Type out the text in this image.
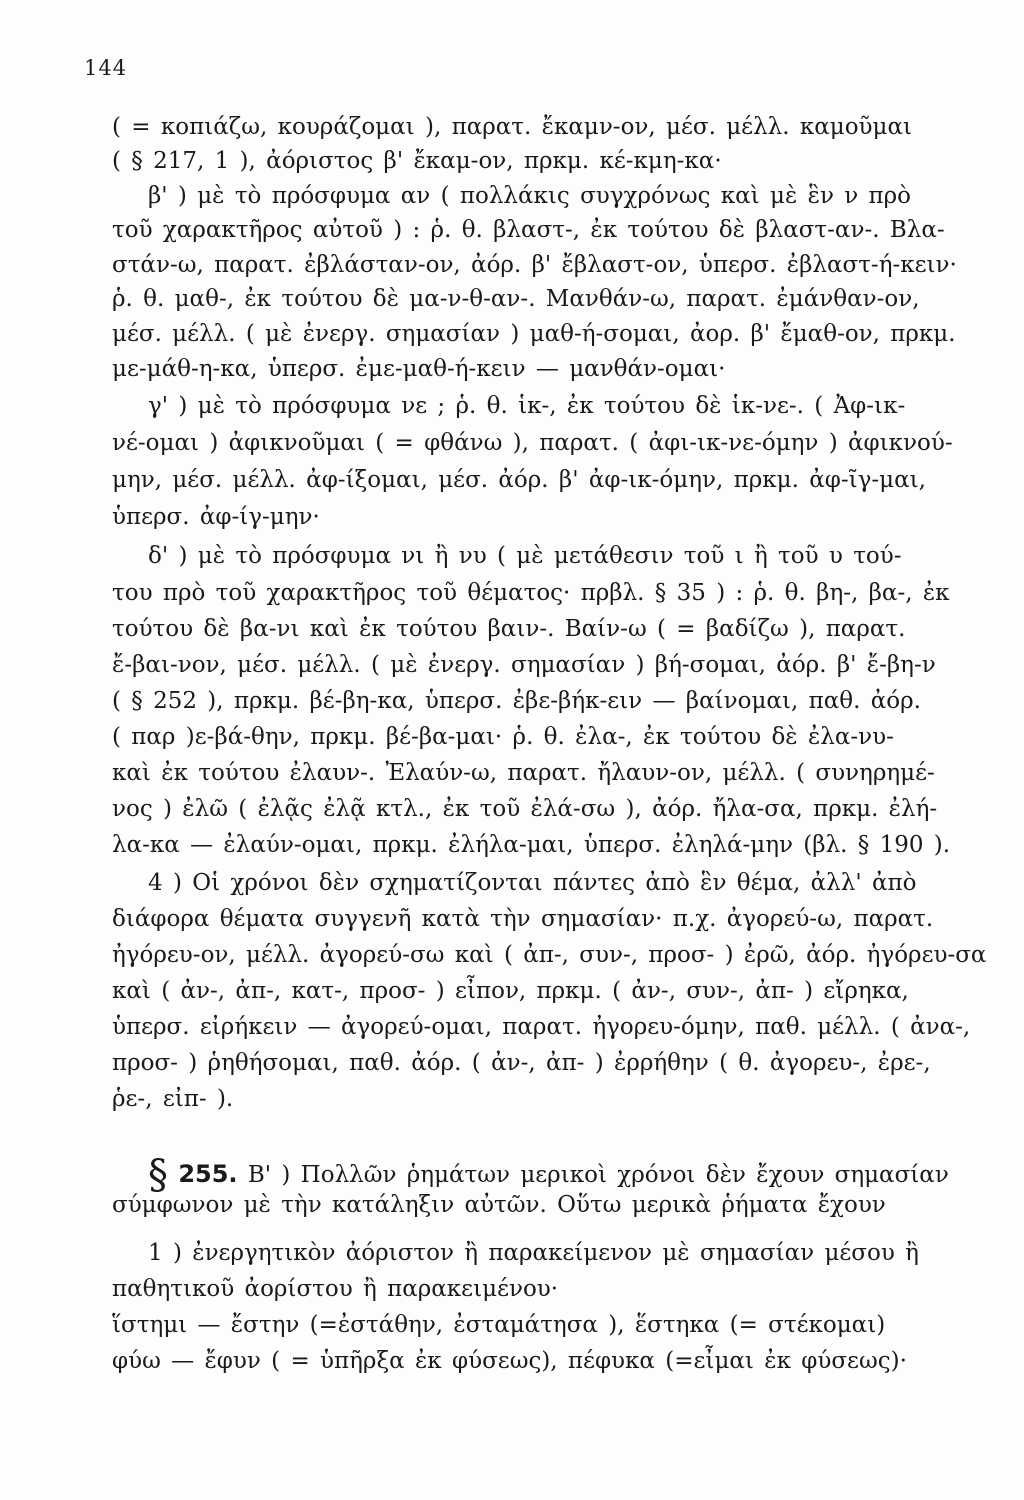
144
( = κοπιάζω, κουράζομαι ), παρατ. ἔκαμν-ον, μέσ. μέλλ. καμοῦμαι
( § 217, 1 ), ἀόριστος β' ἔκαμ-ον, πρκμ. κέ-κμη-κα·
β' ) μὲ τὸ πρόσφυμα αν ( πολλάκις συγχρόνως καὶ μὲ ἓν ν πρὸ
τοῦ χαρακτῆρος αὐτοῦ ) : ῥ. θ. βλαστ-, ἐκ τούτου δὲ βλαστ-αν-. Βλα-
στάν-ω, παρατ. ἐβλάσταν-ον, ἀόρ. β' ἔβλαστ-ον, ὑπερσ. ἐβλαστ-ή-κειν·
ῥ. θ. μαθ-, ἐκ τούτου δὲ μα-ν-θ-αν-. Μανθάν-ω, παρατ. ἐμάνθαν-ον,
μέσ. μέλλ. ( μὲ ἐνεργ. σημασίαν ) μαθ-ή-σομαι, ἀορ. β' ἔμαθ-ον, πρκμ.
με-μάθ-η-κα, ὑπερσ. ἐμε-μαθ-ή-κειν — μανθάν-ομαι·
γ' ) μὲ τὸ πρόσφυμα νε ; ῥ. θ. ἱκ-, ἐκ τούτου δὲ ἱκ-νε-. ( Ἀφ-ικ-
νέ-ομαι ) ἀφικνοῦμαι ( = φθάνω ), παρατ. ( ἀφι-ικ-νε-όμην ) ἀφικνού-
μην, μέσ. μέλλ. ἀφ-ίξομαι, μέσ. ἀόρ. β' ἀφ-ικ-όμην, πρκμ. ἀφ-ῖγ-μαι,
ὑπερσ. ἀφ-ίγ-μην·
δ' ) μὲ τὸ πρόσφυμα νι ἢ νυ ( μὲ μετάθεσιν τοῦ ι ἢ τοῦ υ τού-
του πρὸ τοῦ χαρακτῆρος τοῦ θέματος· πρβλ. § 35 ) : ῥ. θ. βη-, βα-, ἐκ
τούτου δὲ βα-νι καὶ ἐκ τούτου βαιν-. Βαίν-ω ( = βαδίζω ), παρατ.
ἔ-βαι-νον, μέσ. μέλλ. ( μὲ ἐνεργ. σημασίαν ) βή-σομαι, ἀόρ. β' ἔ-βη-ν
( § 252 ), πρκμ. βέ-βη-κα, ὑπερσ. ἐβε-βήκ-ειν — βαίνομαι, παθ. ἀόρ.
( παρ )ε-βά-θην, πρκμ. βέ-βα-μαι· ῥ. θ. ἐλα-, ἐκ τούτου δὲ ἐλα-νυ-
καὶ ἐκ τούτου ἐλαυν-. Ἐλαύν-ω, παρατ. ἤλαυν-ον, μέλλ. ( συνηρημέ-
νος ) ἐλῶ ( ἐλᾷς ἐλᾷ κτλ., ἐκ τοῦ ἐλά-σω ), ἀόρ. ἤλα-σα, πρκμ. ἐλή-
λα-κα — ἐλαύν-ομαι, πρκμ. ἐλήλα-μαι, ὑπερσ. ἐληλά-μην (βλ. § 190 ).
4 ) Οἱ χρόνοι δὲν σχηματίζονται πάντες ἀπὸ ἓν θέμα, ἀλλ' ἀπὸ
διάφορα θέματα συγγενῆ κατὰ τὴν σημασίαν· π.χ. ἀγορεύ-ω, παρατ.
ἠγόρευ-ον, μέλλ. ἀγορεύ-σω καὶ ( ἀπ-, συν-, προσ- ) ἐρῶ, ἀόρ. ἠγόρευ-σα
καὶ ( ἀν-, ἀπ-, κατ-, προσ- ) εἶπον, πρκμ. ( ἀν-, συν-, ἀπ- ) εἴρηκα,
ὑπερσ. εἰρήκειν — ἀγορεύ-ομαι, παρατ. ἠγορευ-όμην, παθ. μέλλ. ( ἀνα-,
προσ- ) ῥηθήσομαι, παθ. ἀόρ. ( ἀν-, ἀπ- ) ἐρρήθην ( θ. ἀγορευ-, ἐρε-,
ῥε-, εἰπ- ).
§ 255. Β' ) Πολλῶν ῥημάτων μερικοὶ χρόνοι δὲν ἔχουν σημασίαν
σύμφωνον μὲ τὴν κατάληξιν αὐτῶν. Οὕτω μερικὰ ῥήματα ἔχουν
1 ) ἐνεργητικὸν ἀόριστον ἢ παρακείμενον μὲ σημασίαν μέσου ἢ
παθητικοῦ ἀορίστου ἢ παρακειμένου·
ἵστημι — ἔστην (=ἐστάθην, ἐσταμάτησα ), ἕστηκα (= στέκομαι)
φύω — ἔφυν ( = ὑπῆρξα ἐκ φύσεως), πέφυκα (=εἶμαι ἐκ φύσεως)·
